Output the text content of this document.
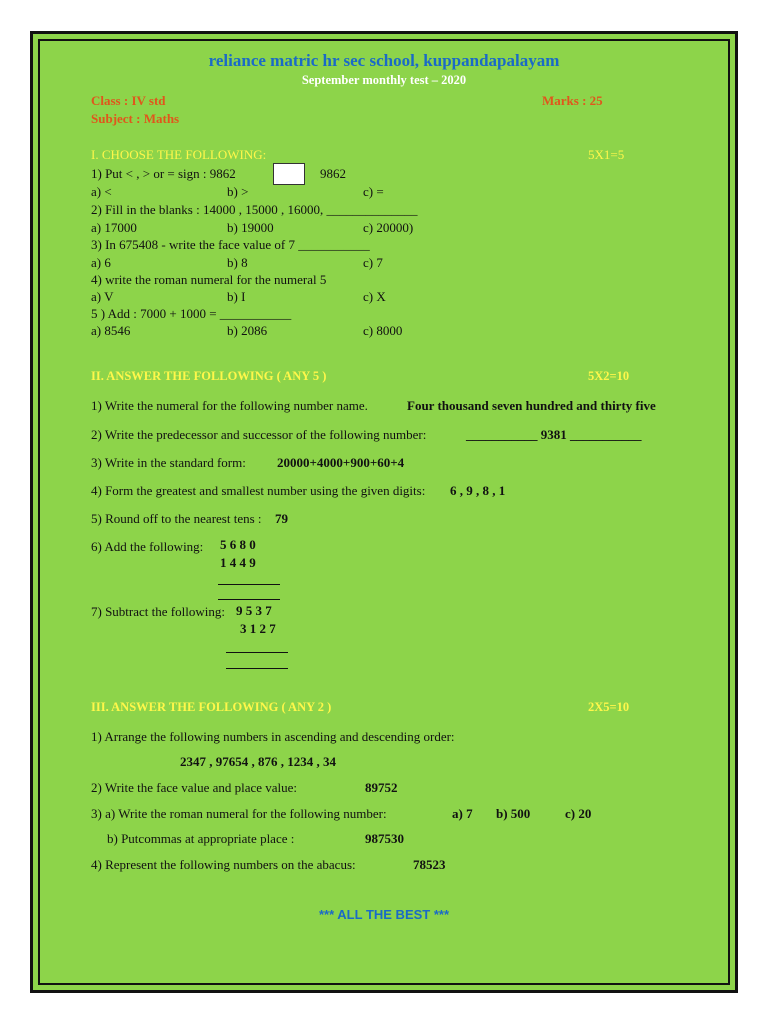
reliance matric hr sec school, kuppandapalayam
September monthly test – 2020
Class : IV std	Marks : 25
Subject : Maths
I. CHOOSE THE FOLLOWING:	5X1=5
1) Put < , > or = sign : 9862	9862
a) <	b) >	c) =
2) Fill in the blanks : 14000 , 15000 , 16000, ______________
a) 17000	b) 19000	c) 20000)
3) In 675408 - write the face value of 7 ___________
a) 6	b) 8	c) 7
4) write the roman numeral for the numeral 5
a) V	b) I	c) X
5 ) Add : 7000 + 1000 = ___________
a) 8546	b) 2086	c) 8000
II. ANSWER THE FOLLOWING ( ANY 5 )	5X2=10
1) Write the numeral for the following number name.	Four thousand seven hundred and thirty five
2) Write the predecessor and successor of the following number:	___________ 9381 ___________
3) Write in the standard form: 20000+4000+900+60+4
4) Form the greatest and smallest number using the given digits: 6 , 9 , 8 , 1
5) Round off to the nearest tens : 79
6) Add the following: 5 6 8 0
1 4 4 9
7) Subtract the following: 9 5 3 7
3 1 2 7
III. ANSWER THE FOLLOWING ( ANY 2 )	2X5=10
1) Arrange the following numbers in ascending and descending order:
2347 , 97654 , 876 , 1234 , 34
2) Write the face value and place value:	89752
3) a) Write the roman numeral for the following number:	a) 7 b) 500	c) 20
b) Putcommas at appropriate place :	987530
4) Represent the following numbers on the abacus:	78523
*** ALL THE BEST ***
